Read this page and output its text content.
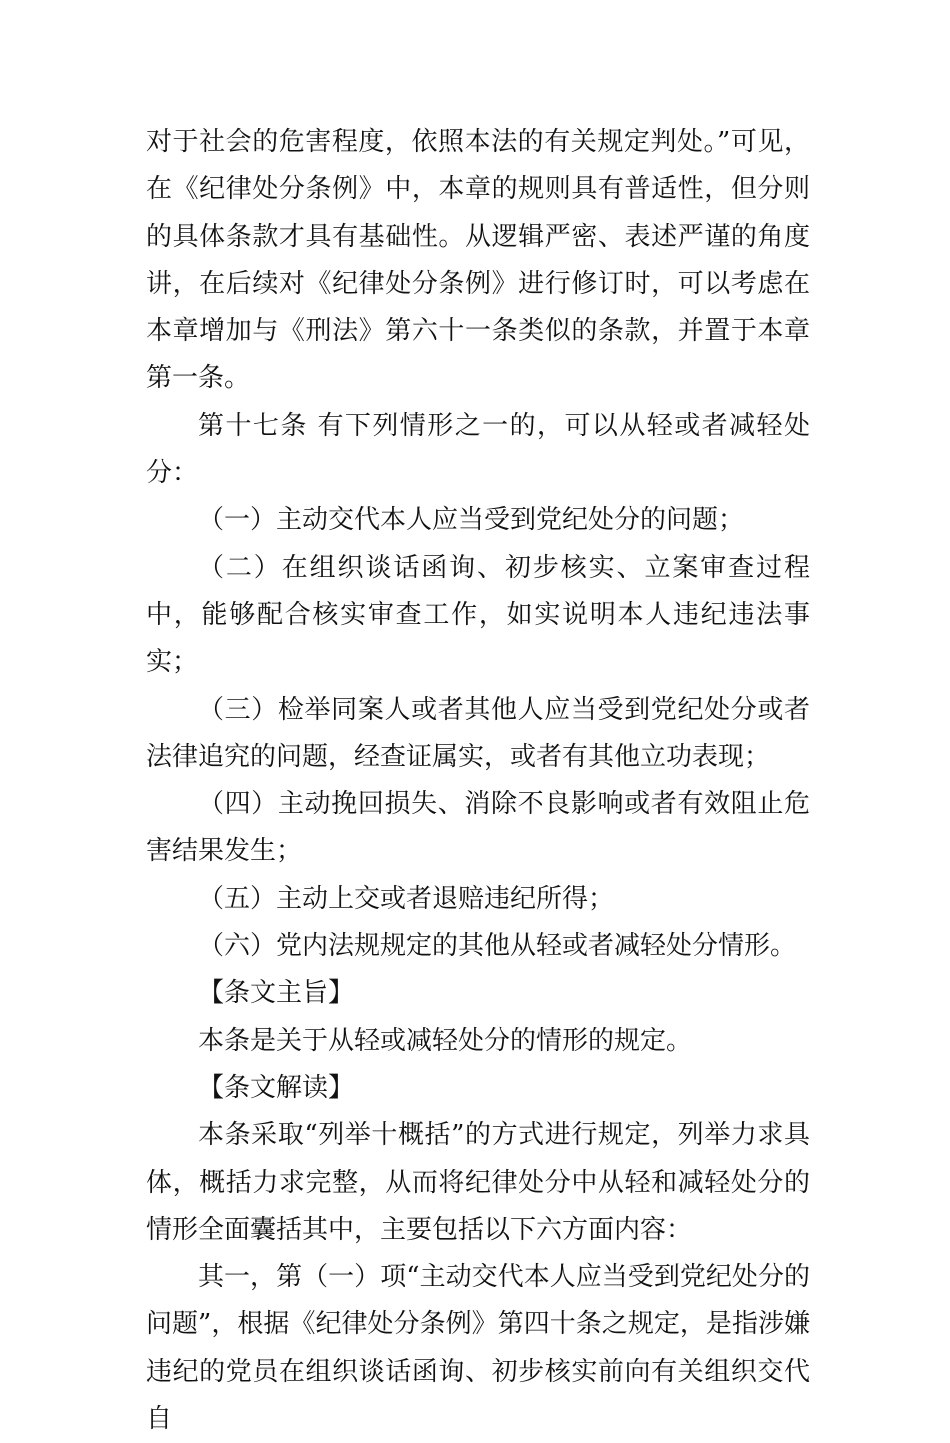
对于社会的危害程度，依照本法的有关规定判处。”可见，在《纪律处分条例》中，本章的规则具有普适性，但分则的具体条款才具有基础性。从逻辑严密、表述严谨的角度讲，在后续对《纪律处分条例》进行修订时，可以考虑在本章增加与《刑法》第六十一条类似的条款，并置于本章第一条。

第十七条 有下列情形之一的，可以从轻或者减轻处分：

（一）主动交代本人应当受到党纪处分的问题；

（二）在组织谈话函询、初步核实、立案审查过程中，能够配合核实审查工作，如实说明本人违纪违法事实；

（三）检举同案人或者其他人应当受到党纪处分或者法律追究的问题，经查证属实，或者有其他立功表现；

（四）主动挽回损失、消除不良影响或者有效阻止危害结果发生；

（五）主动上交或者退赔违纪所得；

（六）党内法规规定的其他从轻或者减轻处分情形。

【条文主旨】

本条是关于从轻或减轻处分的情形的规定。

【条文解读】

本条采取“列举十概括”的方式进行规定，列举力求具体，概括力求完整，从而将纪律处分中从轻和减轻处分的情形全面囊括其中，主要包括以下六方面内容：

其一，第（一）项“主动交代本人应当受到党纪处分的问题”，根据《纪律处分条例》第四十条之规定，是指涉嫌违纪的党员在组织谈话函询、初步核实前向有关组织交代自
